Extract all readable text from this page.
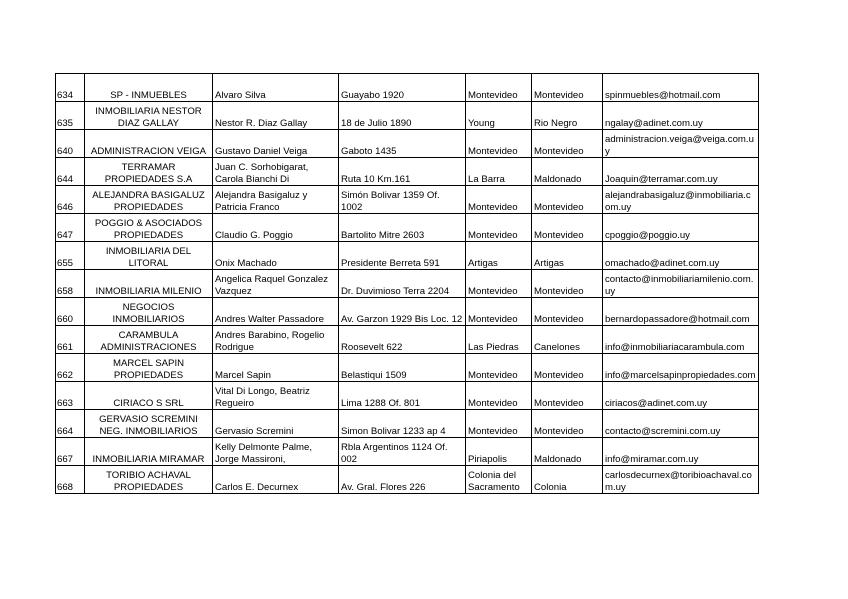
634	SP - INMUEBLES	Alvaro Silva	Guayabo 1920	Montevideo	Montevideo	spinmuebles@hotmail.com
635	INMOBILIARIA NESTOR DIAZ GALLAY	Nestor R. Diaz Gallay	18 de Julio 1890	Young	Rio Negro	ngalay@adinet.com.uy
640	ADMINISTRACION VEIGA	Gustavo Daniel Veiga	Gaboto 1435	Montevideo	Montevideo	administracion.veiga@veiga.com.uy
644	TERRAMAR PROPIEDADES S.A	Juan C. Sorhobigarat, Carola Bianchi Di	Ruta 10 Km.161	La Barra	Maldonado	Joaquin@terramar.com.uy
646	ALEJANDRA BASIGALUZ PROPIEDADES	Alejandra Basigaluz y Patricia Franco	Simón Bolivar 1359 Of. 1002	Montevideo	Montevideo	alejandrabasigaluz@inmobiliaria.com.uy
647	POGGIO & ASOCIADOS PROPIEDADES	Claudio G. Poggio	Bartolito Mitre 2603	Montevideo	Montevideo	cpoggio@poggio.uy
655	INMOBILIARIA DEL LITORAL	Onix Machado	Presidente Berreta 591	Artigas	Artigas	omachado@adinet.com.uy
658	INMOBILIARIA MILENIO	Angelica Raquel Gonzalez Vazquez	Dr. Duvimioso Terra 2204	Montevideo	Montevideo	contacto@inmobiliariamilenio.com.uy
660	NEGOCIOS INMOBILIARIOS	Andres Walter Passadore	Av. Garzon 1929 Bis Loc. 12	Montevideo	Montevideo	bernardopassadore@hotmail.com
661	CARAMBULA ADMINISTRACIONES	Andres Barabino, Rogelio Rodrigue	Roosevelt 622	Las Piedras	Canelones	info@inmobiliariacarambula.com
662	MARCEL SAPIN PROPIEDADES	Marcel Sapin	Belastiqui 1509	Montevideo	Montevideo	info@marcelsapinpropiedades.com
663	CIRIACO S SRL	Vital Di Longo, Beatriz Regueiro	Lima 1288 Of. 801	Montevideo	Montevideo	ciriacos@adinet.com.uy
664	GERVASIO SCREMINI NEG. INMOBILIARIOS	Gervasio Scremini	Simon Bolivar 1233 ap 4	Montevideo	Montevideo	contacto@scremini.com.uy
667	INMOBILIARIA MIRAMAR	Kelly Delmonte Palme, Jorge Massironi,	Rbla Argentinos 1124 Of. 002	Piriapolis	Maldonado	info@miramar.com.uy
668	TORIBIO ACHAVAL PROPIEDADES	Carlos E. Decurnex	Av. Gral. Flores 226	Colonia del Sacramento	Colonia	carlosdecurnex@toribioachaval.com.uy
